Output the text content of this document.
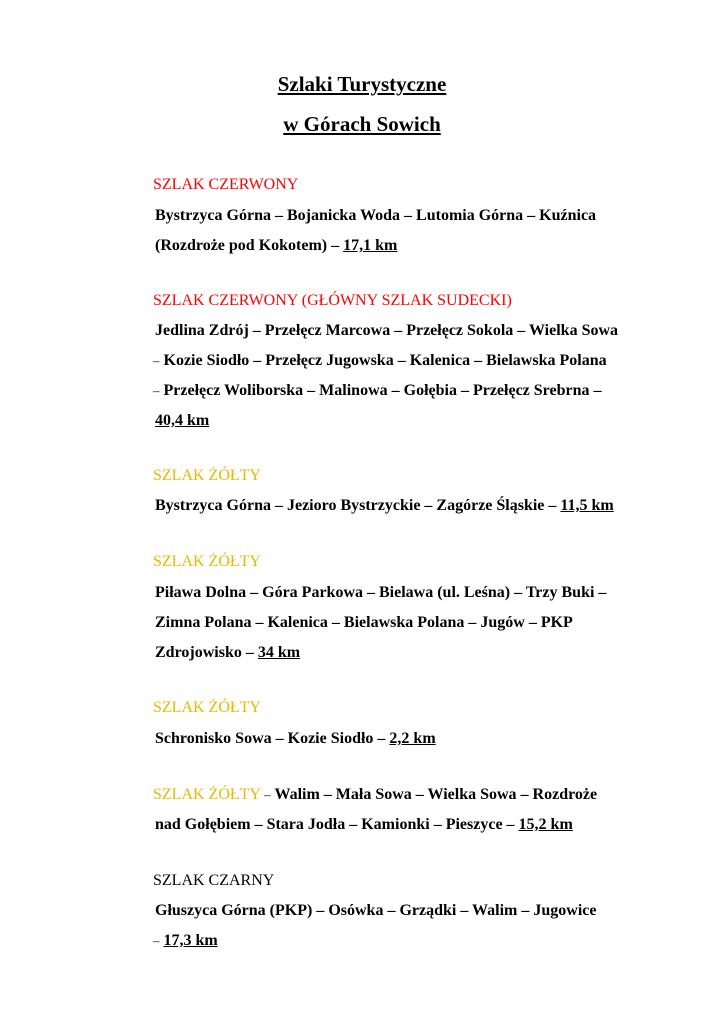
Szlaki Turystyczne
w Górach Sowich
SZLAK CZERWONY
Bystrzyca Górna – Bojanicka Woda – Lutomia Górna – Kuźnica
(Rozdroże pod Kokotem) – 17,1 km
SZLAK CZERWONY (GŁÓWNY SZLAK SUDECKI)
Jedlina Zdrój – Przełęcz Marcowa – Przełęcz Sokola – Wielka Sowa
– Kozie Siodło – Przełęcz Jugowska – Kalenica – Bielawska Polana
– Przełęcz Woliborska – Malinowa – Gołębia – Przełęcz Srebrna –
40,4 km
SZLAK ŻÓŁTY
Bystrzyca Górna – Jezioro Bystrzyckie – Zagórze Śląskie – 11,5 km
SZLAK ŻÓŁTY
Piława Dolna – Góra Parkowa – Bielawa (ul. Leśna) – Trzy Buki –
Zimna Polana – Kalenica – Bielawska Polana – Jugów – PKP
Zdrojowisko – 34 km
SZLAK ŻÓŁTY
Schronisko Sowa – Kozie Siodło – 2,2 km
SZLAK ŻÓŁTY – Walim – Mała Sowa – Wielka Sowa – Rozdroże
nad Gołębiem – Stara Jodła – Kamionki – Pieszyce – 15,2 km
SZLAK CZARNY
Głuszyca Górna (PKP) – Osówka – Grządki – Walim – Jugowice
– 17,3 km
